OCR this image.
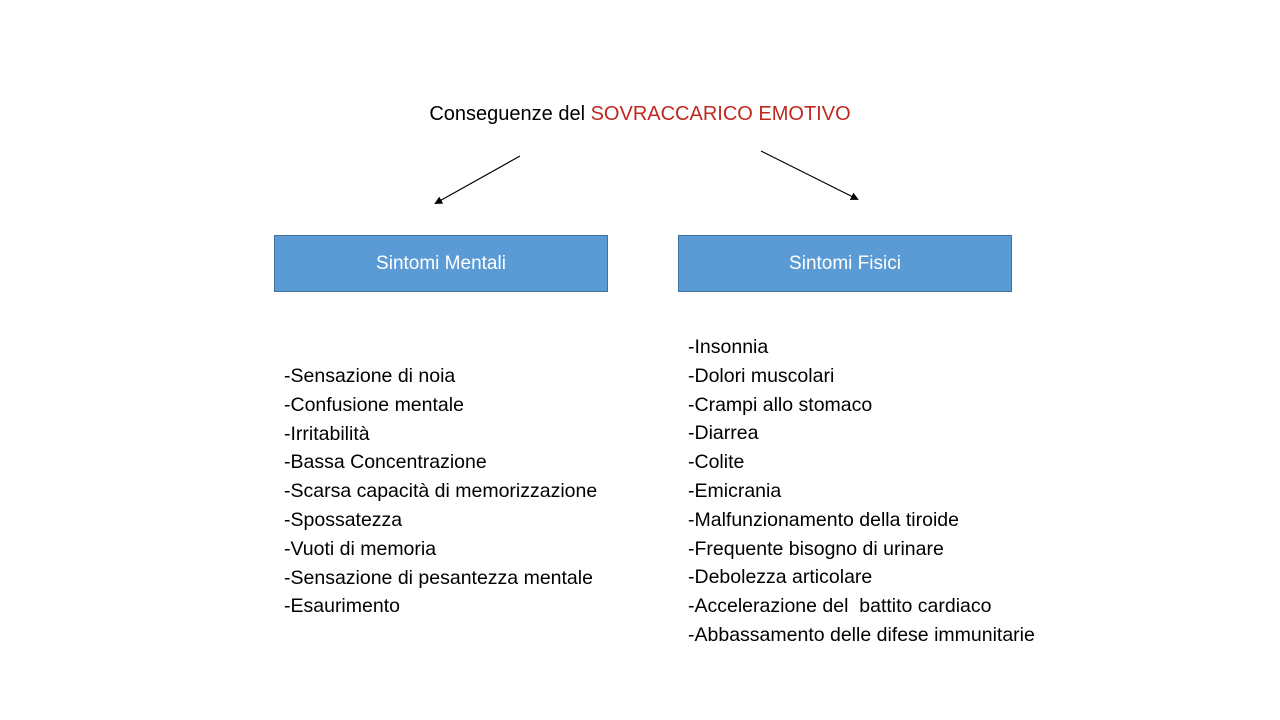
Conseguenze del SOVRACCARICO EMOTIVO
Sintomi Mentali	Sintomi Fisici
-Sensazione di noia
-Confusione mentale
-Irritabilità
-Bassa Concentrazione
-Scarsa capacità di memorizzazione
-Spossatezza
-Vuoti di memoria
-Sensazione di pesantezza mentale
-Esaurimento
-Insonnia
-Dolori muscolari
-Crampi allo stomaco
-Diarrea
-Colite
-Emicrania
-Malfunzionamento della tiroide
-Frequente bisogno di urinare
-Debolezza articolare
-Accelerazione del  battito cardiaco
-Abbassamento delle difese immunitarie
